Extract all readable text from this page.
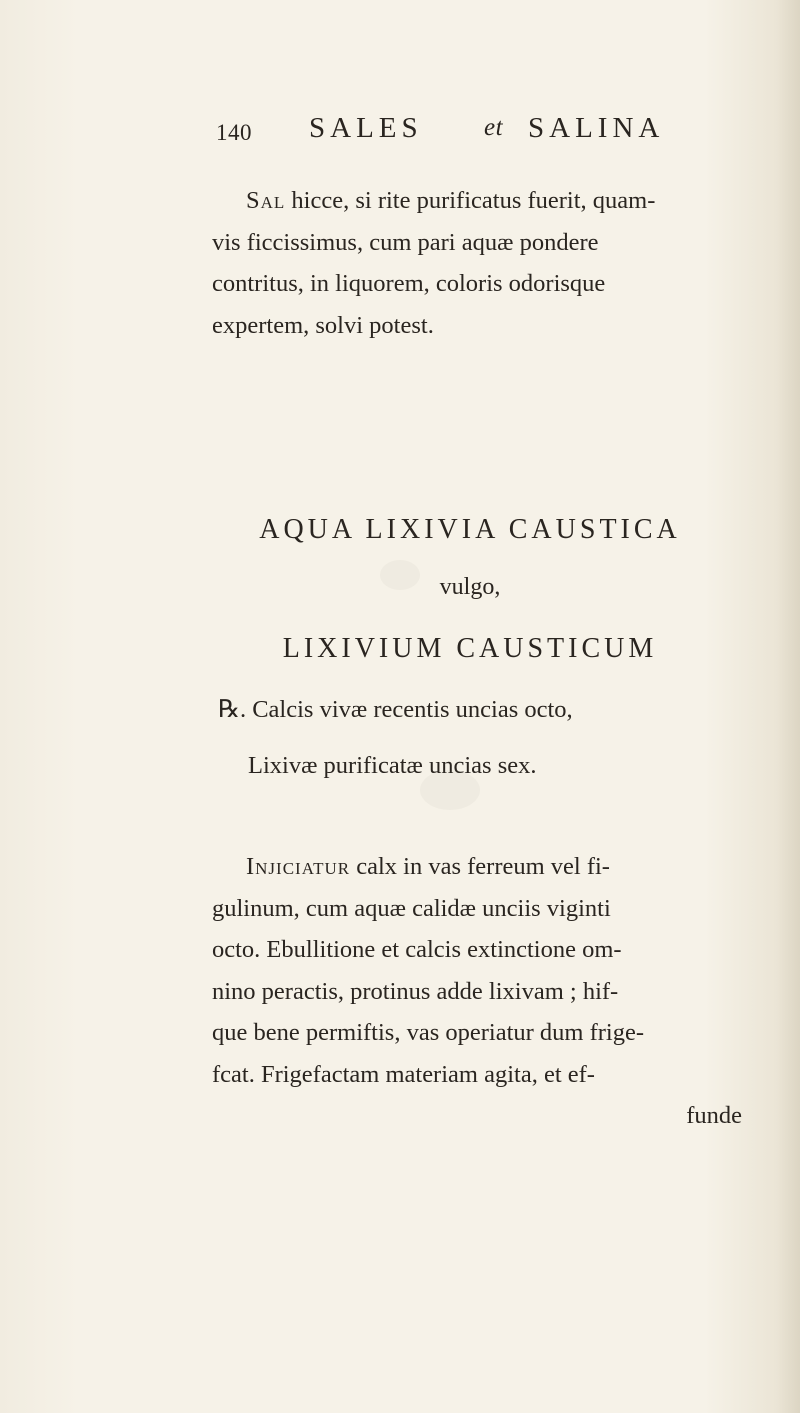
140 SALES et SALINA
Sal hicce, si rite purificatus fuerit, quam-
vis ficcissimus, cum pari aquæ pondere
contritus, in liquorem, coloris odorisque
expertem, solvi potest.
AQUA LIXIVIA CAUSTICA
vulgo,
LIXIVIUM CAUSTICUM
℞. Calcis vivæ recentis uncias octo,
Lixivæ purificatæ uncias sex.
Injiciatur calx in vas ferreum vel fi-
gulinum, cum aquæ calidæ unciis viginti
octo. Ebullitione et calcis extinctione om-
nino peractis, protinus adde lixivam ; hif-
que bene permiftis, vas operiatur dum frige-
fcat. Frigefactam materiam agita, et ef-
funde
